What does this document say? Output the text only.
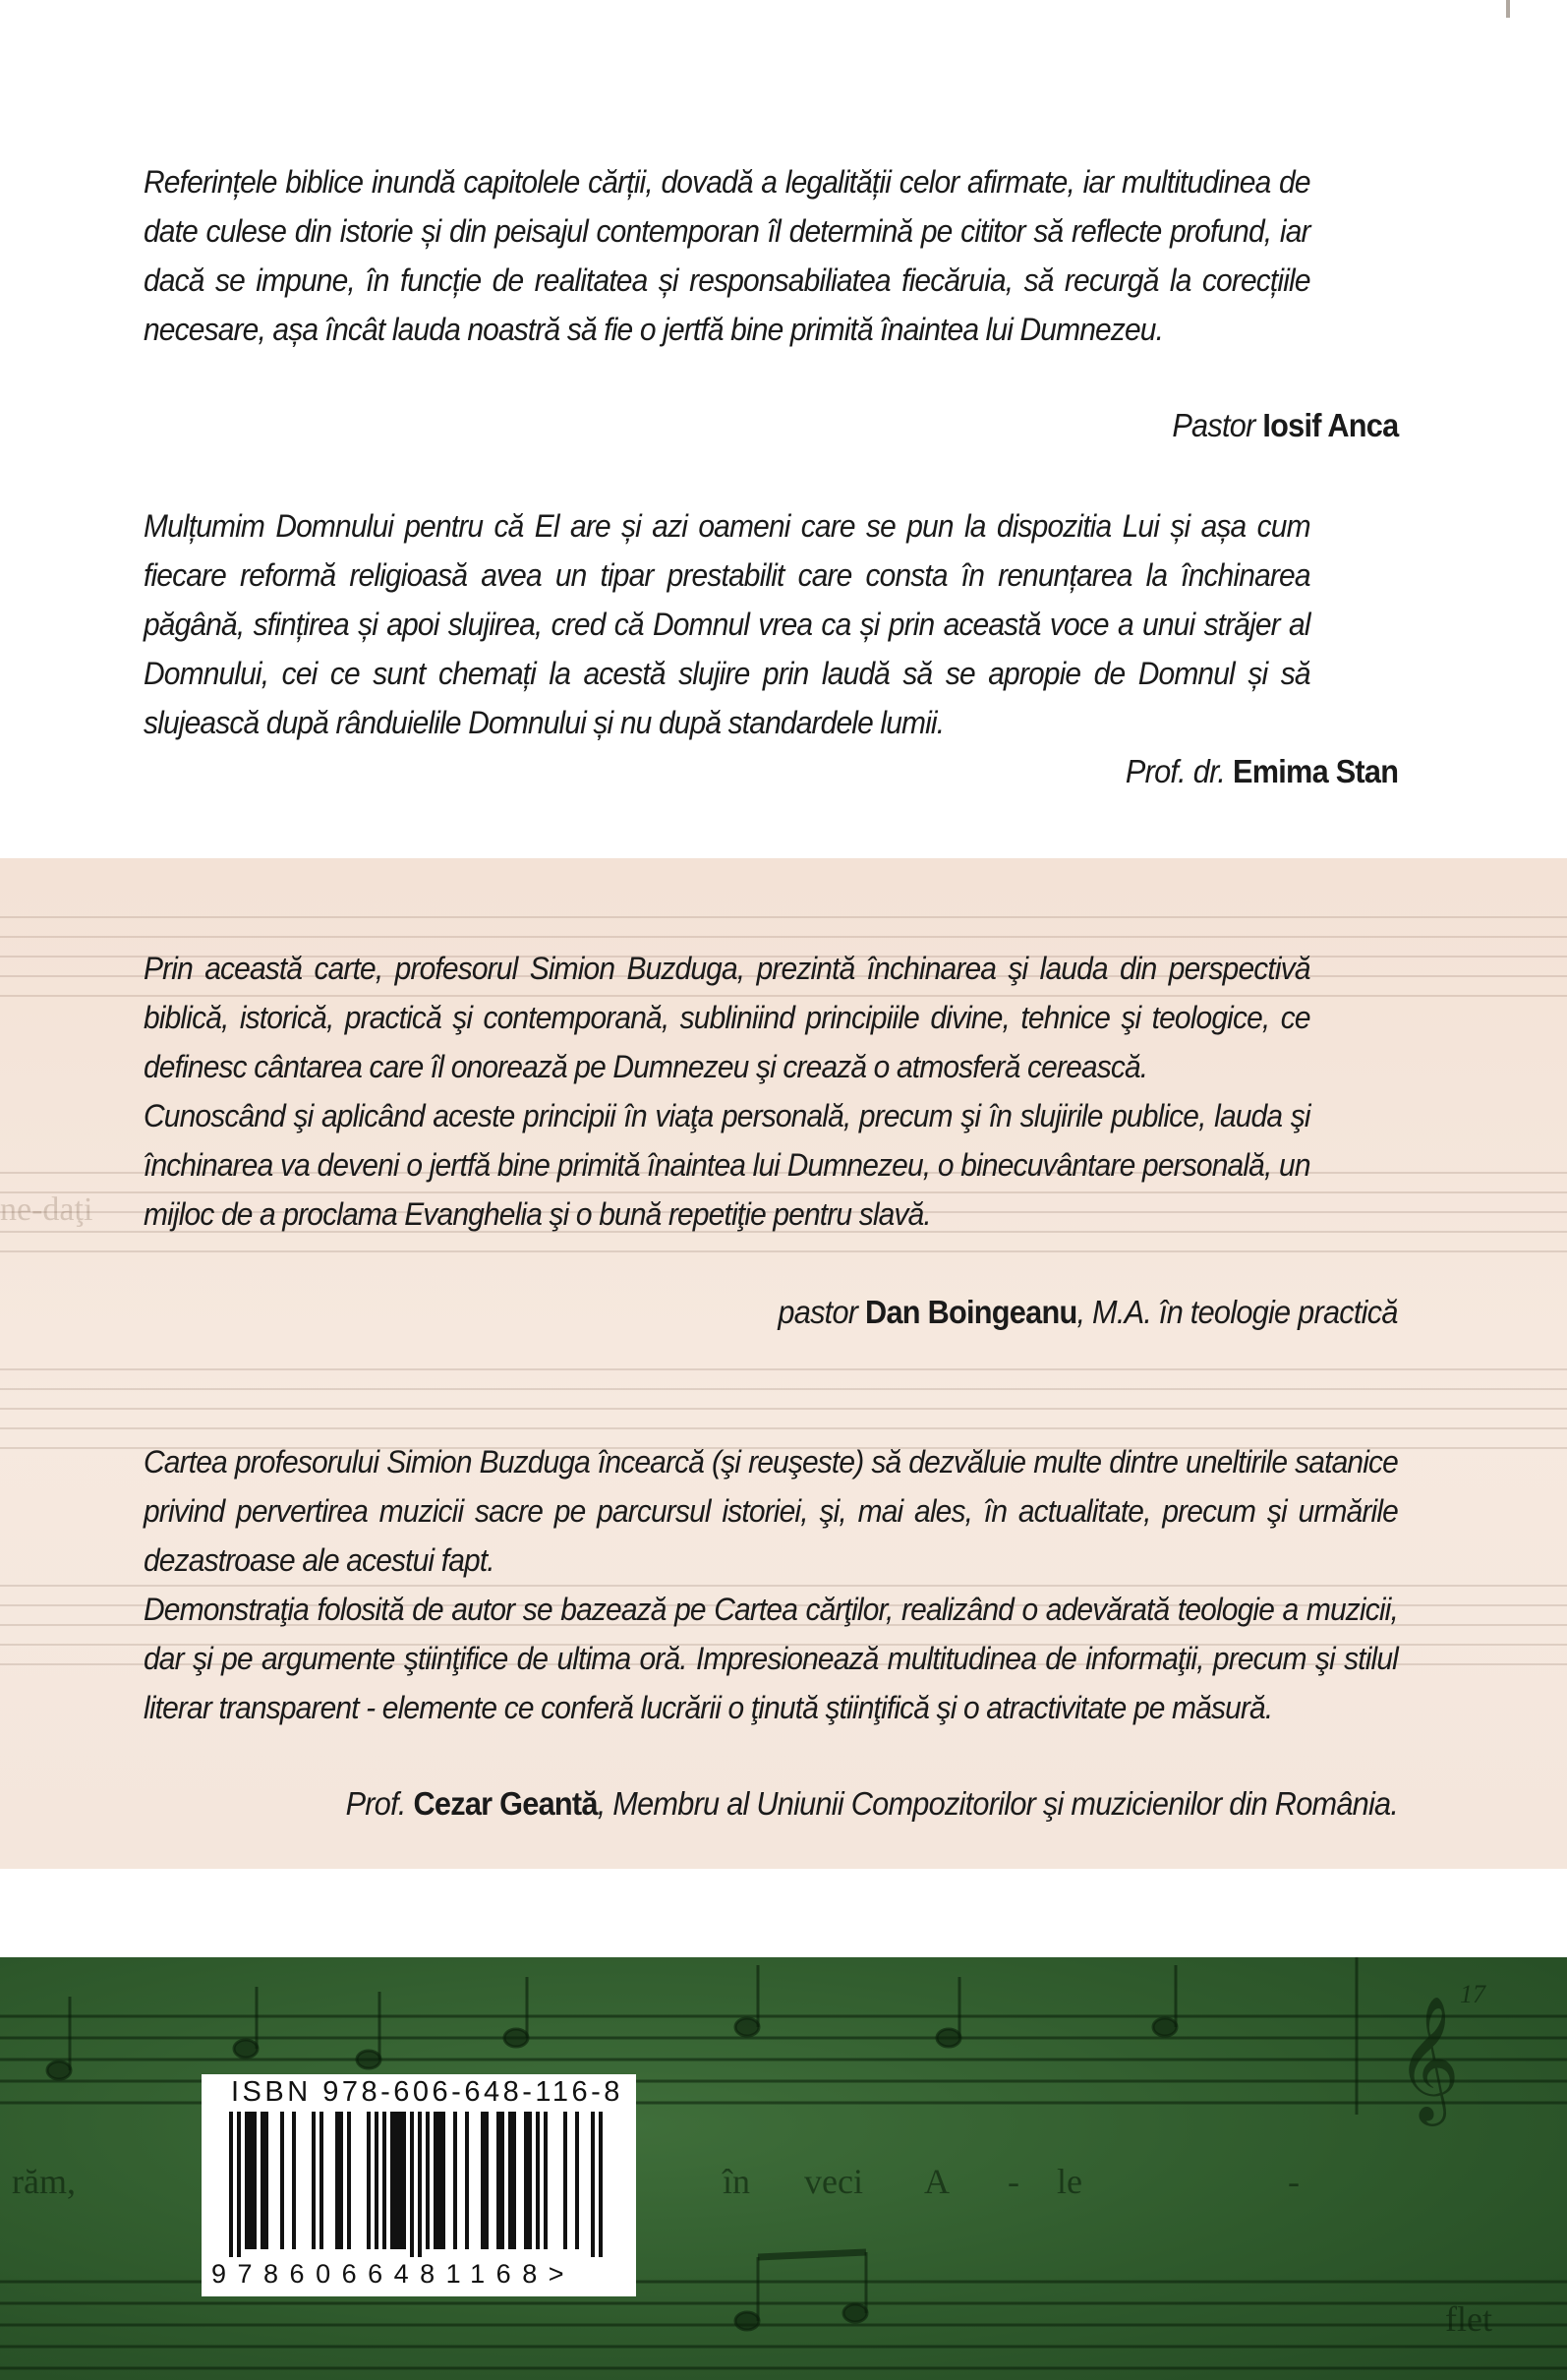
Referințele biblice inundă capitolele cărții, dovadă a legalității celor afirmate, iar multitudinea de date culese din istorie și din peisajul contemporan îl determină pe cititor să reflecte profund, iar dacă se impune, în funcție de realitatea și responsabiliatea fiecăruia, să recurgă la corecțiile necesare, așa încât lauda noastră să fie o jertfă bine primită înaintea lui Dumnezeu.

Pastor Iosif Anca

Mulțumim Domnului pentru că El are și azi oameni care se pun la dispozitia Lui și așa cum fiecare reformă religioasă avea un tipar prestabilit care consta în renunțarea la închinarea păgână, sfințirea și apoi slujirea, cred că Domnul vrea ca și prin această voce a unui străjer al Domnului, cei ce sunt chemați la acestă slujire prin laudă să se apropie de Domnul și să slujească după rânduielile Domnului și nu după standardele lumii.

Prof. dr. Emima Stan
ne-daţi

Prin această carte, profesorul Simion Buzduga, prezintă închinarea şi lauda din perspectivă biblică, istorică, practică şi contemporană, subliniind principiile divine, tehnice şi teologice, ce definesc cântarea care îl onorează pe Dumnezeu şi crează o atmosferă cerească.

Cunoscând şi aplicând aceste principii în viaţa personală, precum şi în slujirile publice, lauda şi închinarea va deveni o jertfă bine primită înaintea lui Dumnezeu, o binecuvântare personală, un mijloc de a proclama Evanghelia şi o bună repetiţie pentru slavă.

pastor Dan Boingeanu, M.A. în teologie practică

Cartea profesorului Simion Buzduga încearcă (şi reuşeste) să dezvăluie multe dintre uneltirile satanice privind pervertirea muzicii sacre pe parcursul istoriei, şi, mai ales, în actualitate, precum şi urmările dezastroase ale acestui fapt.

Demonstraţia folosită de autor se bazează pe Cartea cărţilor, realizând o adevărată teologie a muzicii, dar şi pe argumente ştiinţifice de ultima oră. Impresionează multitudinea de informaţii, precum şi stilul literar transparent - elemente ce conferă lucrării o ţinută ştiinţifică şi o atractivitate pe măsură.

Prof. Cezar Geantă, Membru al Uniunii Compozitorilor şi muzicienilor din România.
𝄞
17
răm,	în veci A - le	-
flet
ISBN 978-606-648-116-8
9786066481168>
